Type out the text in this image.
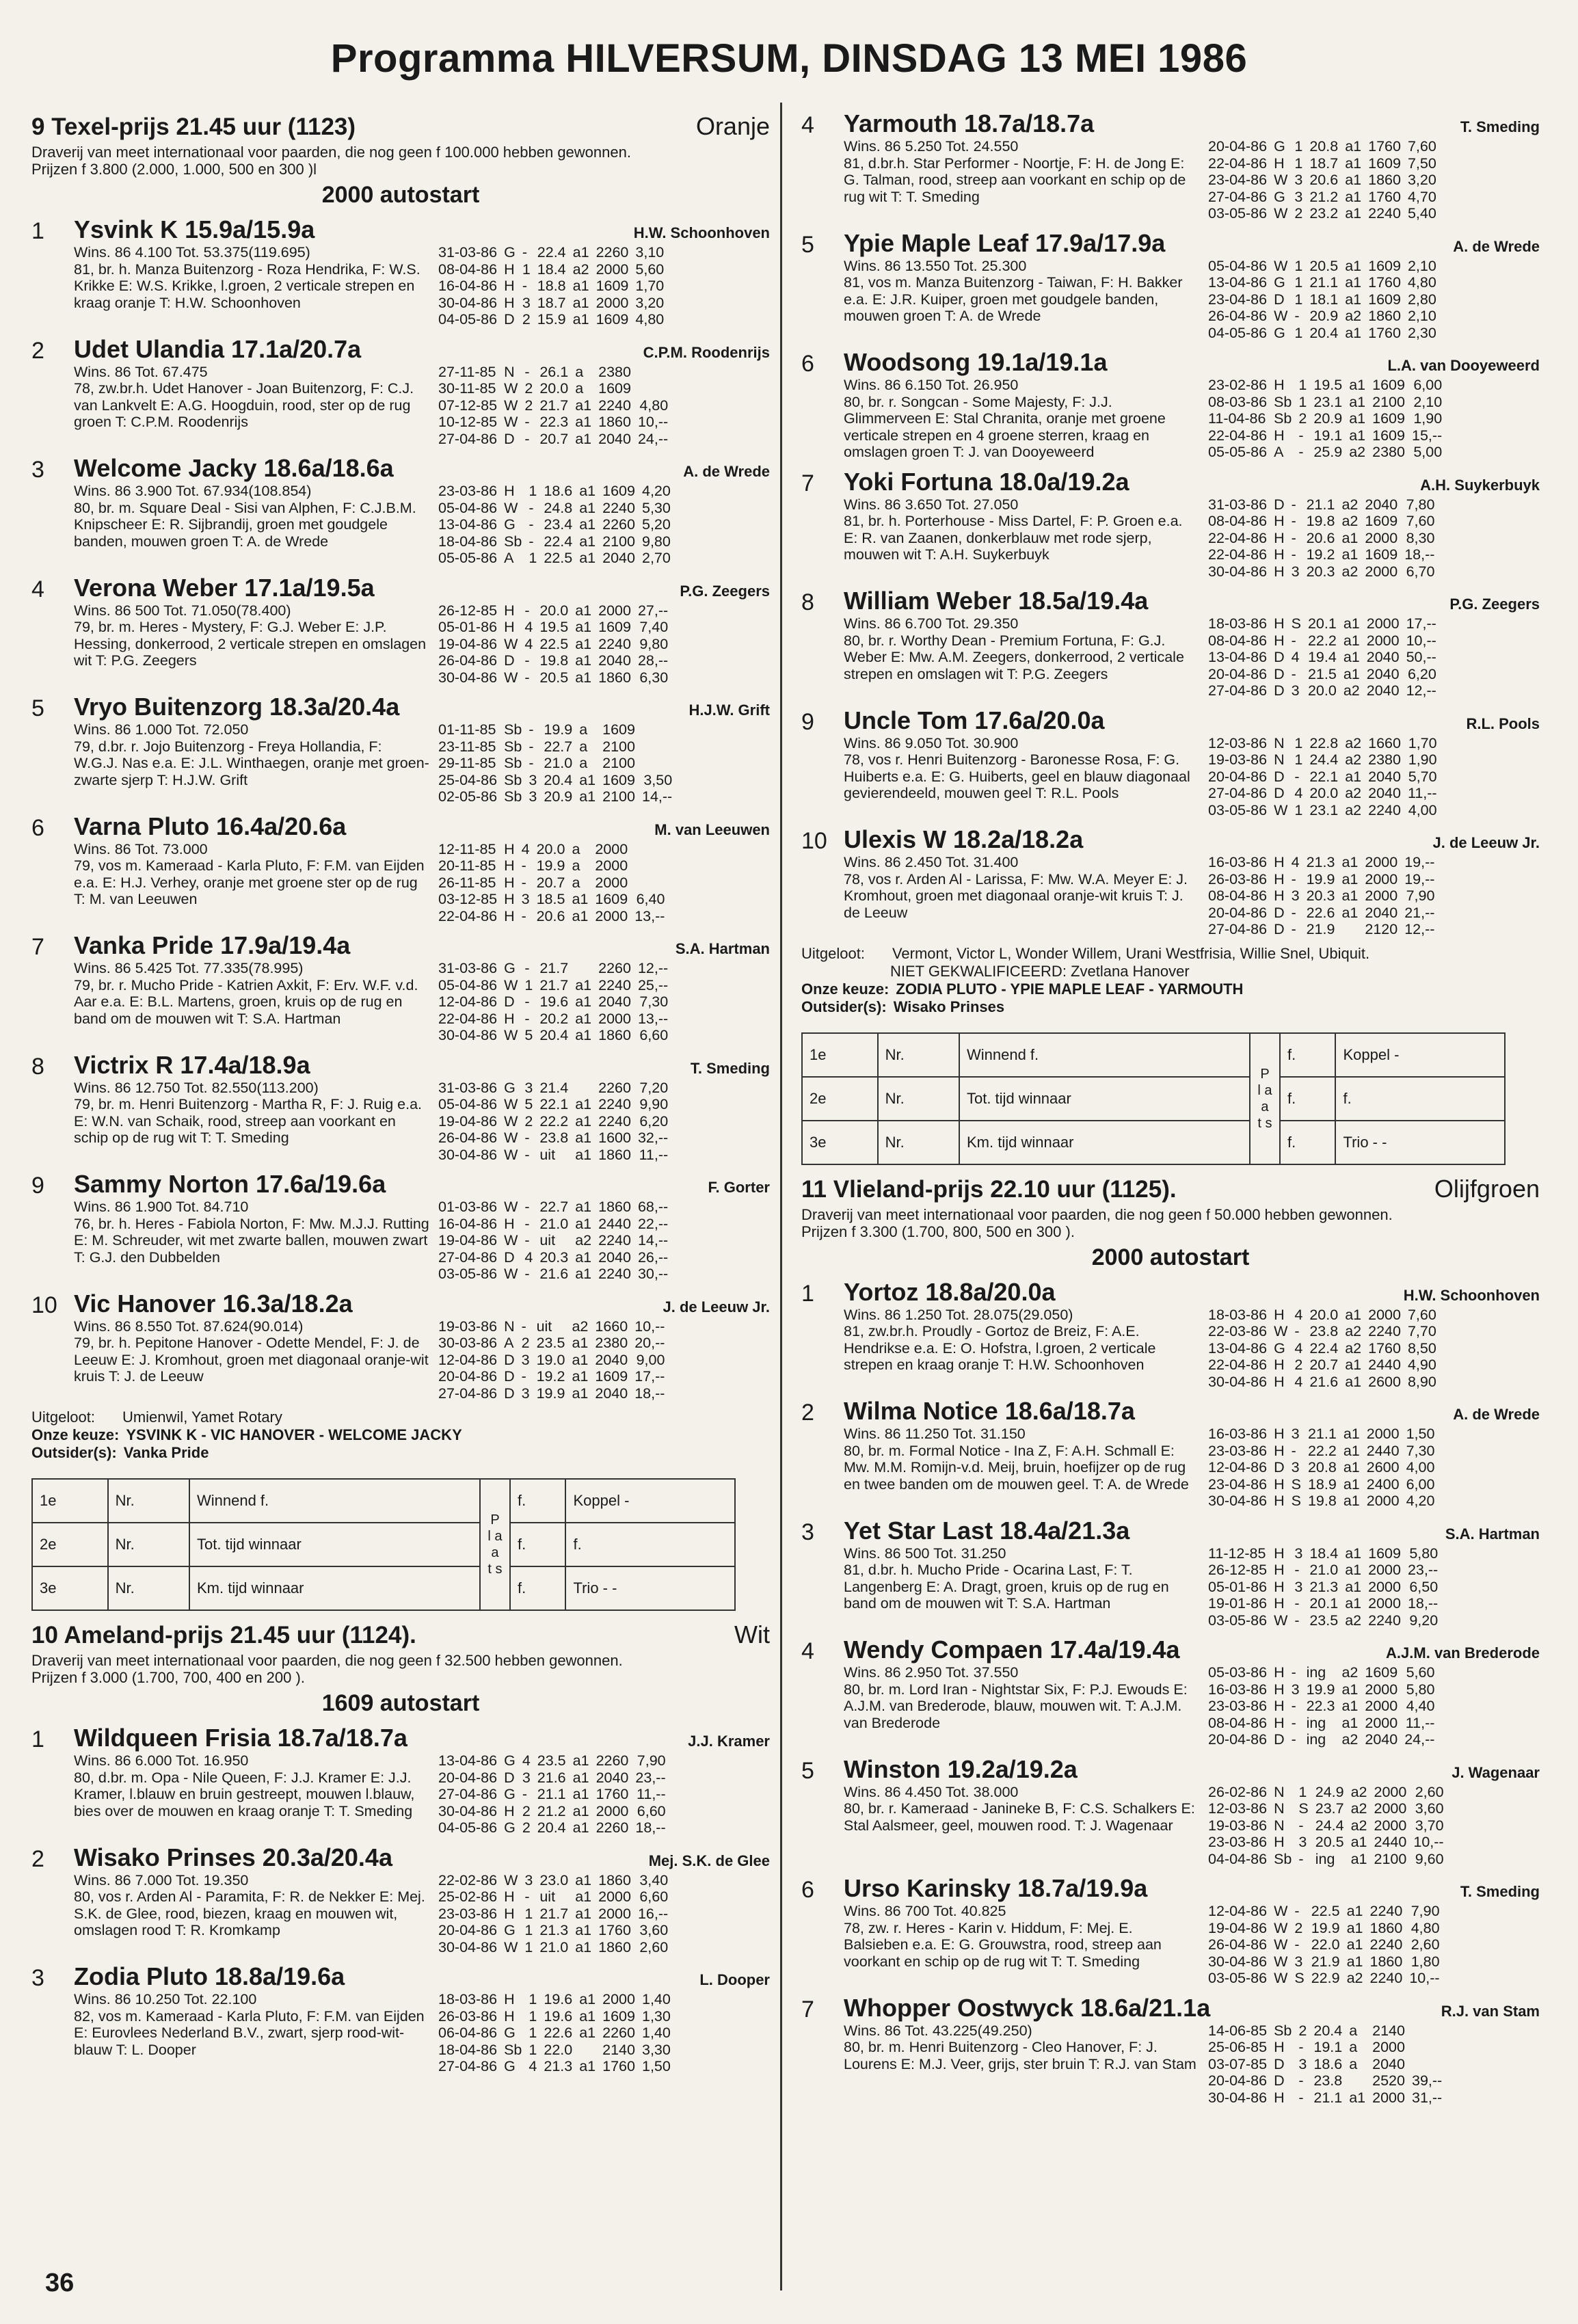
Programma HILVERSUM, DINSDAG 13 MEI 1986
9 Texel-prijs 21.45 uur (1123)	Oranje
Draverij van meet internationaal voor paarden, die nog geen f 100.000 hebben gewonnen.
Prijzen f 3.800 (2.000, 1.000, 500 en 300 )l
2000 autostart
1	Ysvink K 15.9a/15.9a	H.W. Schoonhoven
Wins. 86 4.100 Tot. 53.375(119.695)
81, br. h. Manza Buitenzorg - Roza Hendrika, F: W.S. Krikke E: W.S. Krikke, l.groen, 2 verticale strepen en kraag oranje T: H.W. Schoonhoven
31-03-86	G	-	22.4	a1	2260	3,10
08-04-86	H	1	18.4	a2	2000	5,60
16-04-86	H	-	18.8	a1	1609	1,70
30-04-86	H	3	18.7	a1	2000	3,20
04-05-86	D	2	15.9	a1	1609	4,80
2	Udet Ulandia 17.1a/20.7a	C.P.M. Roodenrijs
Wins. 86 Tot. 67.475
78, zw.br.h. Udet Hanover - Joan Buitenzorg, F: C.J. van Lankvelt E: A.G. Hoogduin, rood, ster op de rug groen T: C.P.M. Roodenrijs
27-11-85	N	-	26.1	a	2380	
30-11-85	W	2	20.0	a	1609	
07-12-85	W	2	21.7	a1	2240	4,80
10-12-85	W	-	22.3	a1	1860	10,--
27-04-86	D	-	20.7	a1	2040	24,--
3	Welcome Jacky 18.6a/18.6a	A. de Wrede
Wins. 86 3.900 Tot. 67.934(108.854)
80, br. m. Square Deal - Sisi van Alphen, F: C.J.B.M. Knipscheer E: R. Sijbrandij, groen met goudgele banden, mouwen groen T: A. de Wrede
23-03-86	H	1	18.6	a1	1609	4,20
05-04-86	W	-	24.8	a1	2240	5,30
13-04-86	G	-	23.4	a1	2260	5,20
18-04-86	Sb	-	22.4	a1	2100	9,80
05-05-86	A	1	22.5	a1	2040	2,70
4	Verona Weber 17.1a/19.5a	P.G. Zeegers
Wins. 86 500 Tot. 71.050(78.400)
79, br. m. Heres - Mystery, F: G.J. Weber E: J.P. Hessing, donkerrood, 2 verticale strepen en omslagen wit T: P.G. Zeegers
26-12-85	H	-	20.0	a1	2000	27,--
05-01-86	H	4	19.5	a1	1609	7,40
19-04-86	W	4	22.5	a1	2240	9,80
26-04-86	D	-	19.8	a1	2040	28,--
30-04-86	W	-	20.5	a1	1860	6,30
5	Vryo Buitenzorg 18.3a/20.4a	H.J.W. Grift
Wins. 86 1.000 Tot. 72.050
79, d.br. r. Jojo Buitenzorg - Freya Hollandia, F: W.G.J. Nas e.a. E: J.L. Winthaegen, oranje met groen-zwarte sjerp T: H.J.W. Grift
01-11-85	Sb	-	19.9	a	1609	
23-11-85	Sb	-	22.7	a	2100	
29-11-85	Sb	-	21.0	a	2100	
25-04-86	Sb	3	20.4	a1	1609	3,50
02-05-86	Sb	3	20.9	a1	2100	14,--
6	Varna Pluto 16.4a/20.6a	M. van Leeuwen
Wins. 86 Tot. 73.000
79, vos m. Kameraad - Karla Pluto, F: F.M. van Eijden e.a. E: H.J. Verhey, oranje met groene ster op de rug T: M. van Leeuwen
12-11-85	H	4	20.0	a	2000	
20-11-85	H	-	19.9	a	2000	
26-11-85	H	-	20.7	a	2000	
03-12-85	H	3	18.5	a1	1609	6,40
22-04-86	H	-	20.6	a1	2000	13,--
7	Vanka Pride 17.9a/19.4a	S.A. Hartman
Wins. 86 5.425 Tot. 77.335(78.995)
79, br. r. Mucho Pride - Katrien Axkit, F: Erv. W.F. v.d. Aar e.a. E: B.L. Martens, groen, kruis op de rug en band om de mouwen wit T: S.A. Hartman
31-03-86	G	-	21.7		2260	12,--
05-04-86	W	1	21.7	a1	2240	25,--
12-04-86	D	-	19.6	a1	2040	7,30
22-04-86	H	-	20.2	a1	2000	13,--
30-04-86	W	5	20.4	a1	1860	6,60
8	Victrix R 17.4a/18.9a	T. Smeding
Wins. 86 12.750 Tot. 82.550(113.200)
79, br. m. Henri Buitenzorg - Martha R, F: J. Ruig e.a. E: W.N. van Schaik, rood, streep aan voorkant en schip op de rug wit T: T. Smeding
31-03-86	G	3	21.4		2260	7,20
05-04-86	W	5	22.1	a1	2240	9,90
19-04-86	W	2	22.2	a1	2240	6,20
26-04-86	W	-	23.8	a1	1600	32,--
30-04-86	W	-	uit	a1	1860	11,--
9	Sammy Norton 17.6a/19.6a	F. Gorter
Wins. 86 1.900 Tot. 84.710
76, br. h. Heres - Fabiola Norton, F: Mw. M.J.J. Rutting E: M. Schreuder, wit met zwarte ballen, mouwen zwart T: G.J. den Dubbelden
01-03-86	W	-	22.7	a1	1860	68,--
16-04-86	H	-	21.0	a1	2440	22,--
19-04-86	W	-	uit	a2	2240	14,--
27-04-86	D	4	20.3	a1	2040	26,--
03-05-86	W	-	21.6	a1	2240	30,--
10 Vic Hanover 16.3a/18.2a	J. de Leeuw Jr.
Wins. 86 8.550 Tot. 87.624(90.014)
79, br. h. Pepitone Hanover - Odette Mendel, F: J. de Leeuw E: J. Kromhout, groen met diagonaal oranje-wit kruis T: J. de Leeuw
19-03-86	N	-	uit	a2	1660	10,--
30-03-86	A	2	23.5	a1	2380	20,--
12-04-86	D	3	19.0	a1	2040	9,00
20-04-86	D	-	19.2	a1	1609	17,--
27-04-86	D	3	19.9	a1	2040	18,--
Uitgeloot: Umienwil, Yamet Rotary
Onze keuze: YSVINK K - VIC HANOVER - WELCOME JACKY
Outsider(s): Vanka Pride
1e	Nr.	Winnend f.	P l a a t s	f.	Koppel -
2e	Nr.	Tot. tijd winnaar		f.	f.
3e	Nr.	Km. tijd winnaar		f.	Trio - -
10 Ameland-prijs 21.45 uur (1124).	Wit
Draverij van meet internationaal voor paarden, die nog geen f 32.500 hebben gewonnen.
Prijzen f 3.000 (1.700, 700, 400 en 200 ).
1609 autostart
1	Wildqueen Frisia 18.7a/18.7a	J.J. Kramer
Wins. 86 6.000 Tot. 16.950
80, d.br. m. Opa - Nile Queen, F: J.J. Kramer E: J.J. Kramer, l.blauw en bruin gestreept, mouwen l.blauw, bies over de mouwen en kraag oranje T: T. Smeding
13-04-86	G	4	23.5	a1	2260	7,90
20-04-86	D	3	21.6	a1	2040	23,--
27-04-86	G	-	21.1	a1	1760	11,--
30-04-86	H	2	21.2	a1	2000	6,60
04-05-86	G	2	20.4	a1	2260	18,--
2	Wisako Prinses 20.3a/20.4a	Mej. S.K. de Glee
Wins. 86 7.000 Tot. 19.350
80, vos r. Arden Al - Paramita, F: R. de Nekker E: Mej. S.K. de Glee, rood, biezen, kraag en mouwen wit, omslagen rood T: R. Kromkamp
22-02-86	W	3	23.0	a1	1860	3,40
25-02-86	H	-	uit	a1	2000	6,60
23-03-86	H	1	21.7	a1	2000	16,--
20-04-86	G	1	21.3	a1	1760	3,60
30-04-86	W	1	21.0	a1	1860	2,60
3	Zodia Pluto 18.8a/19.6a	L. Dooper
Wins. 86 10.250 Tot. 22.100
82, vos m. Kameraad - Karla Pluto, F: F.M. van Eijden E: Eurovlees Nederland B.V., zwart, sjerp rood-wit-blauw T: L. Dooper
18-03-86	H	1	19.6	a1	2000	1,40
26-03-86	H	1	19.6	a1	1609	1,30
06-04-86	G	1	22.6	a1	2260	1,40
18-04-86	Sb	1	22.0		2140	3,30
27-04-86	G	4	21.3	a1	1760	1,50
4	Yarmouth 18.7a/18.7a	T. Smeding
Wins. 86 5.250 Tot. 24.550
81, d.br.h. Star Performer - Noortje, F: H. de Jong E: G. Talman, rood, streep aan voorkant en schip op de rug wit T: T. Smeding
20-04-86	G	1	20.8	a1	1760	7,60
22-04-86	H	1	18.7	a1	1609	7,50
23-04-86	W	3	20.6	a1	1860	3,20
27-04-86	G	3	21.2	a1	1760	4,70
03-05-86	W	2	23.2	a1	2240	5,40
5	Ypie Maple Leaf 17.9a/17.9a	A. de Wrede
Wins. 86 13.550 Tot. 25.300
81, vos m. Manza Buitenzorg - Taiwan, F: H. Bakker e.a. E: J.R. Kuiper, groen met goudgele banden, mouwen groen T: A. de Wrede
05-04-86	W	1	20.5	a1	1609	2,10
13-04-86	G	1	21.1	a1	1760	4,80
23-04-86	D	1	18.1	a1	1609	2,80
26-04-86	W	-	20.9	a2	1860	2,10
04-05-86	G	1	20.4	a1	1760	2,30
6	Woodsong 19.1a/19.1a	L.A. van Dooyeweerd
Wins. 86 6.150 Tot. 26.950
80, br. r. Songcan - Some Majesty, F: J.J. Glimmerveen E: Stal Chranita, oranje met groene verticale strepen en 4 groene sterren, kraag en omslagen groen T: J. van Dooyeweerd
23-02-86	H	1	19.5	a1	1609	6,00
08-03-86	Sb	1	23.1	a1	2100	2,10
11-04-86	Sb	2	20.9	a1	1609	1,90
22-04-86	H	-	19.1	a1	1609	15,--
05-05-86	A	-	25.9	a2	2380	5,00
7	Yoki Fortuna 18.0a/19.2a	A.H. Suykerbuyk
Wins. 86 3.650 Tot. 27.050
81, br. h. Porterhouse - Miss Dartel, F: P. Groen e.a. E: R. van Zaanen, donkerblauw met rode sjerp, mouwen wit T: A.H. Suykerbuyk
31-03-86	D	-	21.1	a2	2040	7,80
08-04-86	H	-	19.8	a2	1609	7,60
22-04-86	H	-	20.6	a1	2000	8,30
22-04-86	H	-	19.2	a1	1609	18,--
30-04-86	H	3	20.3	a2	2000	6,70
8	William Weber 18.5a/19.4a	P.G. Zeegers
Wins. 86 6.700 Tot. 29.350
80, br. r. Worthy Dean - Premium Fortuna, F: G.J. Weber E: Mw. A.M. Zeegers, donkerrood, 2 verticale strepen en omslagen wit T: P.G. Zeegers
18-03-86	H	S	20.1	a1	2000	17,--
08-04-86	H	-	22.2	a1	2000	10,--
13-04-86	D	4	19.4	a1	2040	50,--
20-04-86	D	-	21.5	a1	2040	6,20
27-04-86	D	3	20.0	a2	2040	12,--
9	Uncle Tom 17.6a/20.0a	R.L. Pools
Wins. 86 9.050 Tot. 30.900
78, vos r. Henri Buitenzorg - Baronesse Rosa, F: G. Huiberts e.a. E: G. Huiberts, geel en blauw diagonaal gevierendeeld, mouwen geel T: R.L. Pools
12-03-86	N	1	22.8	a2	1660	1,70
19-03-86	N	1	24.4	a2	2380	1,90
20-04-86	D	-	22.1	a1	2040	5,70
27-04-86	D	4	20.0	a2	2040	11,--
03-05-86	W	1	23.1	a2	2240	4,00
10 Ulexis W 18.2a/18.2a	J. de Leeuw Jr.
Wins. 86 2.450 Tot. 31.400
78, vos r. Arden Al - Larissa, F: Mw. W.A. Meyer E: J. Kromhout, groen met diagonaal oranje-wit kruis T: J. de Leeuw
16-03-86	H	4	21.3	a1	2000	19,--
26-03-86	H	-	19.9	a1	2000	19,--
08-04-86	H	3	20.3	a1	2000	7,90
20-04-86	D	-	22.6	a1	2040	21,--
27-04-86	D	-	21.9		2120	12,--
Uitgeloot: Vermont, Victor L, Wonder Willem, Urani Westfrisia, Willie Snel, Ubiquit.
NIET GEKWALIFICEERD: Zvetlana Hanover
Onze keuze: ZODIA PLUTO - YPIE MAPLE LEAF - YARMOUTH
Outsider(s): Wisako Prinses
1e	Nr.	Winnend f.	P l a a t s	f.	Koppel -
2e	Nr.	Tot. tijd winnaar		f.	f.
3e	Nr.	Km. tijd winnaar		f.	Trio - -
11 Vlieland-prijs 22.10 uur (1125).	Olijfgroen
Draverij van meet internationaal voor paarden, die nog geen f 50.000 hebben gewonnen.
Prijzen f 3.300 (1.700, 800, 500 en 300 ).
2000 autostart
1	Yortoz 18.8a/20.0a	H.W. Schoonhoven
Wins. 86 1.250 Tot. 28.075(29.050)
81, zw.br.h. Proudly - Gortoz de Breiz, F: A.E. Hendrikse e.a. E: O. Hofstra, l.groen, 2 verticale strepen en kraag oranje T: H.W. Schoonhoven
18-03-86	H	4	20.0	a1	2000	7,60
22-03-86	W	-	23.8	a2	2240	7,70
13-04-86	G	4	22.4	a2	1760	8,50
22-04-86	H	2	20.7	a1	2440	4,90
30-04-86	H	4	21.6	a1	2600	8,90
2	Wilma Notice 18.6a/18.7a	A. de Wrede
Wins. 86 11.250 Tot. 31.150
80, br. m. Formal Notice - Ina Z, F: A.H. Schmall E: Mw. M.M. Romijn-v.d. Meij, bruin, hoefijzer op de rug en twee banden om de mouwen geel. T: A. de Wrede
16-03-86	H	3	21.1	a1	2000	1,50
23-03-86	H	-	22.2	a1	2440	7,30
12-04-86	D	3	20.8	a1	2600	4,00
23-04-86	H	S	18.9	a1	2400	6,00
30-04-86	H	S	19.8	a1	2000	4,20
3	Yet Star Last 18.4a/21.3a	S.A. Hartman
Wins. 86 500 Tot. 31.250
81, d.br. h. Mucho Pride - Ocarina Last, F: T. Langenberg E: A. Dragt, groen, kruis op de rug en band om de mouwen wit T: S.A. Hartman
11-12-85	H	3	18.4	a1	1609	5,80
26-12-85	H	-	21.0	a1	2000	23,--
05-01-86	H	3	21.3	a1	2000	6,50
19-01-86	H	-	20.1	a1	2000	18,--
03-05-86	W	-	23.5	a2	2240	9,20
4	Wendy Compaen 17.4a/19.4a	A.J.M. van Brederode
Wins. 86 2.950 Tot. 37.550
80, br. m. Lord Iran - Nightstar Six, F: P.J. Ewouds E: A.J.M. van Brederode, blauw, mouwen wit. T: A.J.M. van Brederode
05-03-86	H	-	ing	a2	1609	5,60
16-03-86	H	3	19.9	a1	2000	5,80
23-03-86	H	-	22.3	a1	2000	4,40
08-04-86	H	-	ing	a1	2000	11,--
20-04-86	D	-	ing	a2	2040	24,--
5	Winston 19.2a/19.2a	J. Wagenaar
Wins. 86 4.450 Tot. 38.000
80, br. r. Kameraad - Janineke B, F: C.S. Schalkers E: Stal Aalsmeer, geel, mouwen rood. T: J. Wagenaar
26-02-86	N	1	24.9	a2	2000	2,60
12-03-86	N	S	23.7	a2	2000	3,60
19-03-86	N	-	24.4	a2	2000	3,70
23-03-86	H	3	20.5	a1	2440	10,--
04-04-86	Sb	-	ing	a1	2100	9,60
6	Urso Karinsky 18.7a/19.9a	T. Smeding
Wins. 86 700 Tot. 40.825
78, zw. r. Heres - Karin v. Hiddum, F: Mej. E. Balsieben e.a. E: G. Grouwstra, rood, streep aan voorkant en schip op de rug wit T: T. Smeding
12-04-86	W	-	22.5	a1	2240	7,90
19-04-86	W	2	19.9	a1	1860	4,80
26-04-86	W	-	22.0	a1	2240	2,60
30-04-86	W	3	21.9	a1	1860	1,80
03-05-86	W	S	22.9	a2	2240	10,--
7	Whopper Oostwyck 18.6a/21.1a	R.J. van Stam
Wins. 86 Tot. 43.225(49.250)
80, br. m. Henri Buitenzorg - Cleo Hanover, F: J. Lourens E: M.J. Veer, grijs, ster bruin T: R.J. van Stam
14-06-85	Sb	2	20.4	a	2140	
25-06-85	H	-	19.1	a	2000	
03-07-85	D	3	18.6	a	2040	
20-04-86	D	-	23.8		2520	39,--
30-04-86	H	-	21.1	a1	2000	31,--
36
